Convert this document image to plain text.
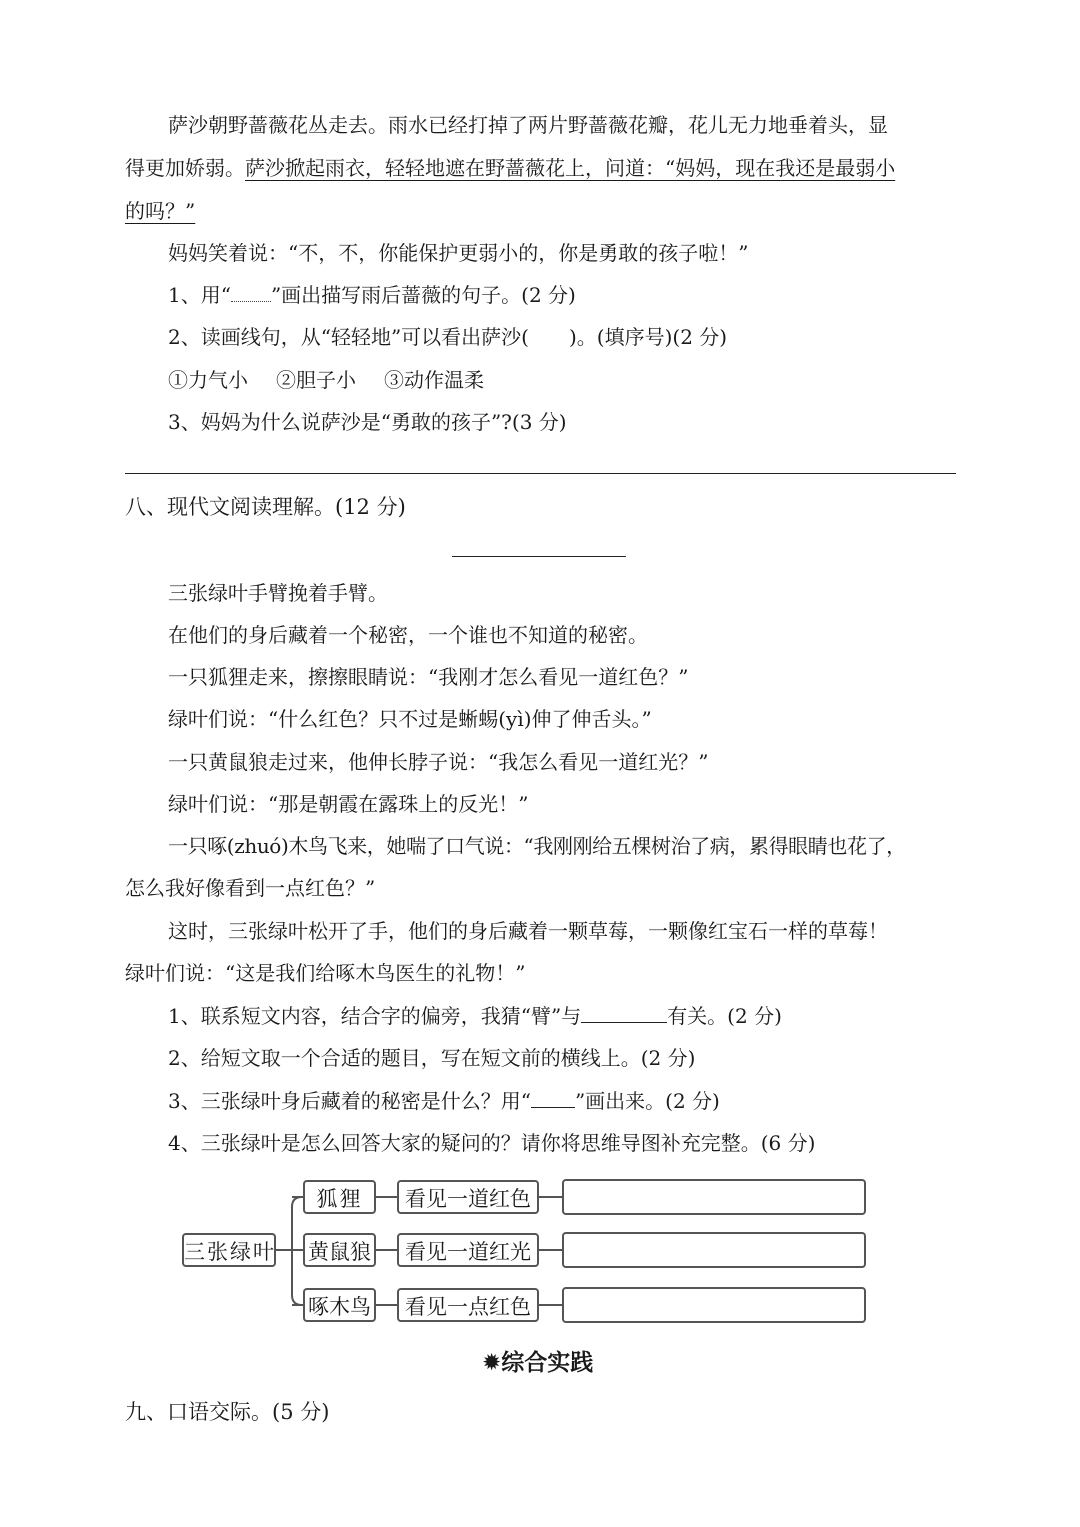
萨沙朝野蔷薇花丛走去。雨水已经打掉了两片野蔷薇花瓣，花儿无力地垂着头，显
得更加娇弱。萨沙掀起雨衣，轻轻地遮在野蔷薇花上，问道：“妈妈，现在我还是最弱小
的吗？”
妈妈笑着说：“不，不，你能保护更弱小的，你是勇敢的孩子啦！”
1、用“ ”画出描写雨后蔷薇的句子。(2 分)
2、读画线句，从“轻轻地”可以看出萨沙( )。(填序号)(2 分)
①力气小 ②胆子小 ③动作温柔
3、妈妈为什么说萨沙是“勇敢的孩子”?(3 分)
八、现代文阅读理解。(12 分)
三张绿叶手臂挽着手臂。
在他们的身后藏着一个秘密，一个谁也不知道的秘密。
一只狐狸走来，擦擦眼睛说：“我刚才怎么看见一道红色？”
绿叶们说：“什么红色？只不过是蜥蜴(yì)伸了伸舌头。”
一只黄鼠狼走过来，他伸长脖子说：“我怎么看见一道红光？”
绿叶们说：“那是朝霞在露珠上的反光！”
一只啄(zhuó)木鸟飞来，她喘了口气说：“我刚刚给五棵树治了病，累得眼睛也花了，
怎么我好像看到一点红色？”
这时，三张绿叶松开了手，他们的身后藏着一颗草莓，一颗像红宝石一样的草莓！
绿叶们说：“这是我们给啄木鸟医生的礼物！”
1、联系短文内容，结合字的偏旁，我猜“臂”与	有关。(2 分)
2、给短文取一个合适的题目，写在短文前的横线上。(2 分)
3、三张绿叶身后藏着的秘密是什么？用“ ”画出来。(2 分)
4、三张绿叶是怎么回答大家的疑问的？请你将思维导图补充完整。(6 分)
三张绿叶
狐狸
黄鼠狼
啄木鸟
看见一道红色
看见一道红光
看见一点红色
✹综合实践
九、口语交际。(5 分)
